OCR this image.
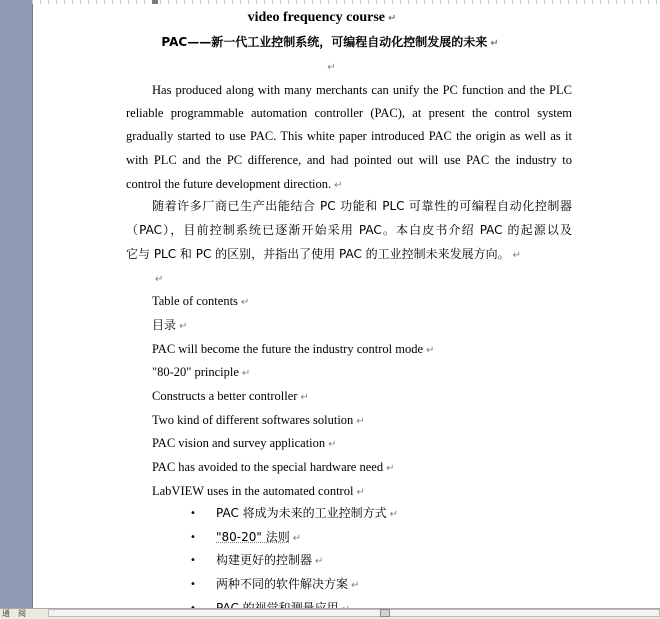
video frequency course ↵
PAC——新一代工业控制系统，可编程自动化控制发展的未来 ↵
↵
Has produced along with many merchants can unify the PC function and the PLC
reliable programmable automation controller (PAC), at present the control system
gradually started to use PAC. This white paper introduced PAC the origin as well as it
with PLC and the PC difference, and had pointed out will use PAC the industry to
control the future development direction. ↵
随着许多厂商已生产出能结合 PC 功能和 PLC 可靠性的可编程自动化控制器
（PAC），目前控制系统已逐渐开始采用 PAC。本白皮书介绍 PAC 的起源以及
它与 PLC 和 PC 的区别，并指出了使用 PAC 的工业控制未来发展方向。 ↵
↵
Table of contents ↵
目录 ↵
PAC will become the future the industry control mode ↵
"80-20" principle ↵
Constructs a better controller ↵
Two kind of different softwares solution ↵
PAC vision and survey application ↵
PAC has avoided to the special hardware need ↵
LabVIEW uses in the automated control ↵
• PAC 将成为未来的工业控制方式 ↵
• "80-20" 法则 ↵
• 构建更好的控制器 ↵
• 两种不同的软件解决方案 ↵
通 阅
